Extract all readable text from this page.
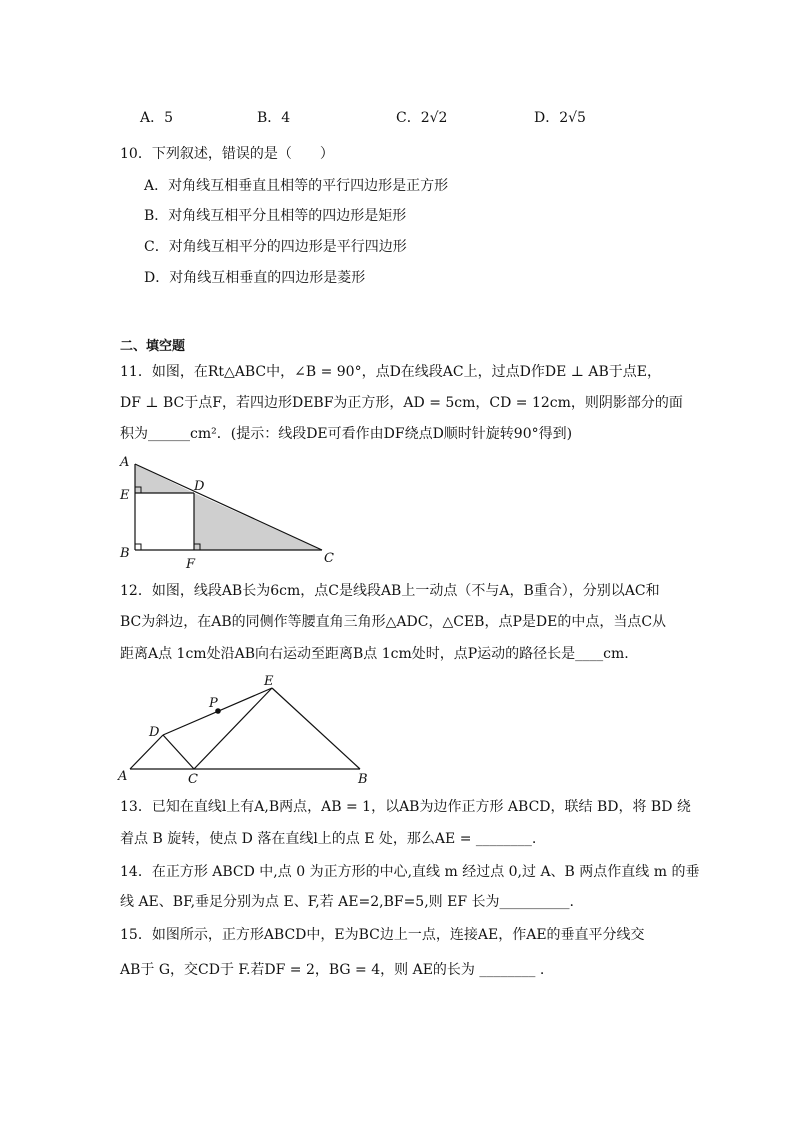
A．5	B．4	C．2√2	D．2√5
10．下列叙述，错误的是（　　）
A．对角线互相垂直且相等的平行四边形是正方形
B．对角线互相平分且相等的四边形是矩形
C．对角线互相平分的四边形是平行四边形
D．对角线互相垂直的四边形是菱形
二、填空题
11．如图，在Rt△ABC中，∠B = 90°，点D在线段AC上，过点D作DE ⊥ AB于点E，
DF ⊥ BC于点F，若四边形DEBF为正方形，AD = 5cm，CD = 12cm，则阴影部分的面
积为______cm²．(提示：线段DE可看作由DF绕点D顺时针旋转90°得到)
A
E
D
B
F	C
12．如图，线段AB长为6cm，点C是线段AB上一动点（不与A，B重合），分别以AC和
BC为斜边，在AB的同侧作等腰直角三角形△ADC，△CEB，点P是DE的中点，当点C从
距离A点 1cm处沿AB向右运动至距离B点 1cm处时，点P运动的路径长是____cm.
E
P
D
A	C	B
13．已知在直线l上有A,B两点，AB = 1，以AB为边作正方形 ABCD，联结 BD，将 BD 绕
着点 B 旋转，使点 D 落在直线l上的点 E 处，那么AE = ________.
14．在正方形 ABCD 中,点 0 为正方形的中心,直线 m 经过点 0,过 A、B 两点作直线 m 的垂
线 AE、BF,垂足分别为点 E、F,若 AE=2,BF=5,则 EF 长为__________.
15．如图所示，正方形ABCD中，E为BC边上一点，连接AE，作AE的垂直平分线交
AB于 G，交CD于 F.若DF = 2，BG = 4，则 AE的长为 ________ .
